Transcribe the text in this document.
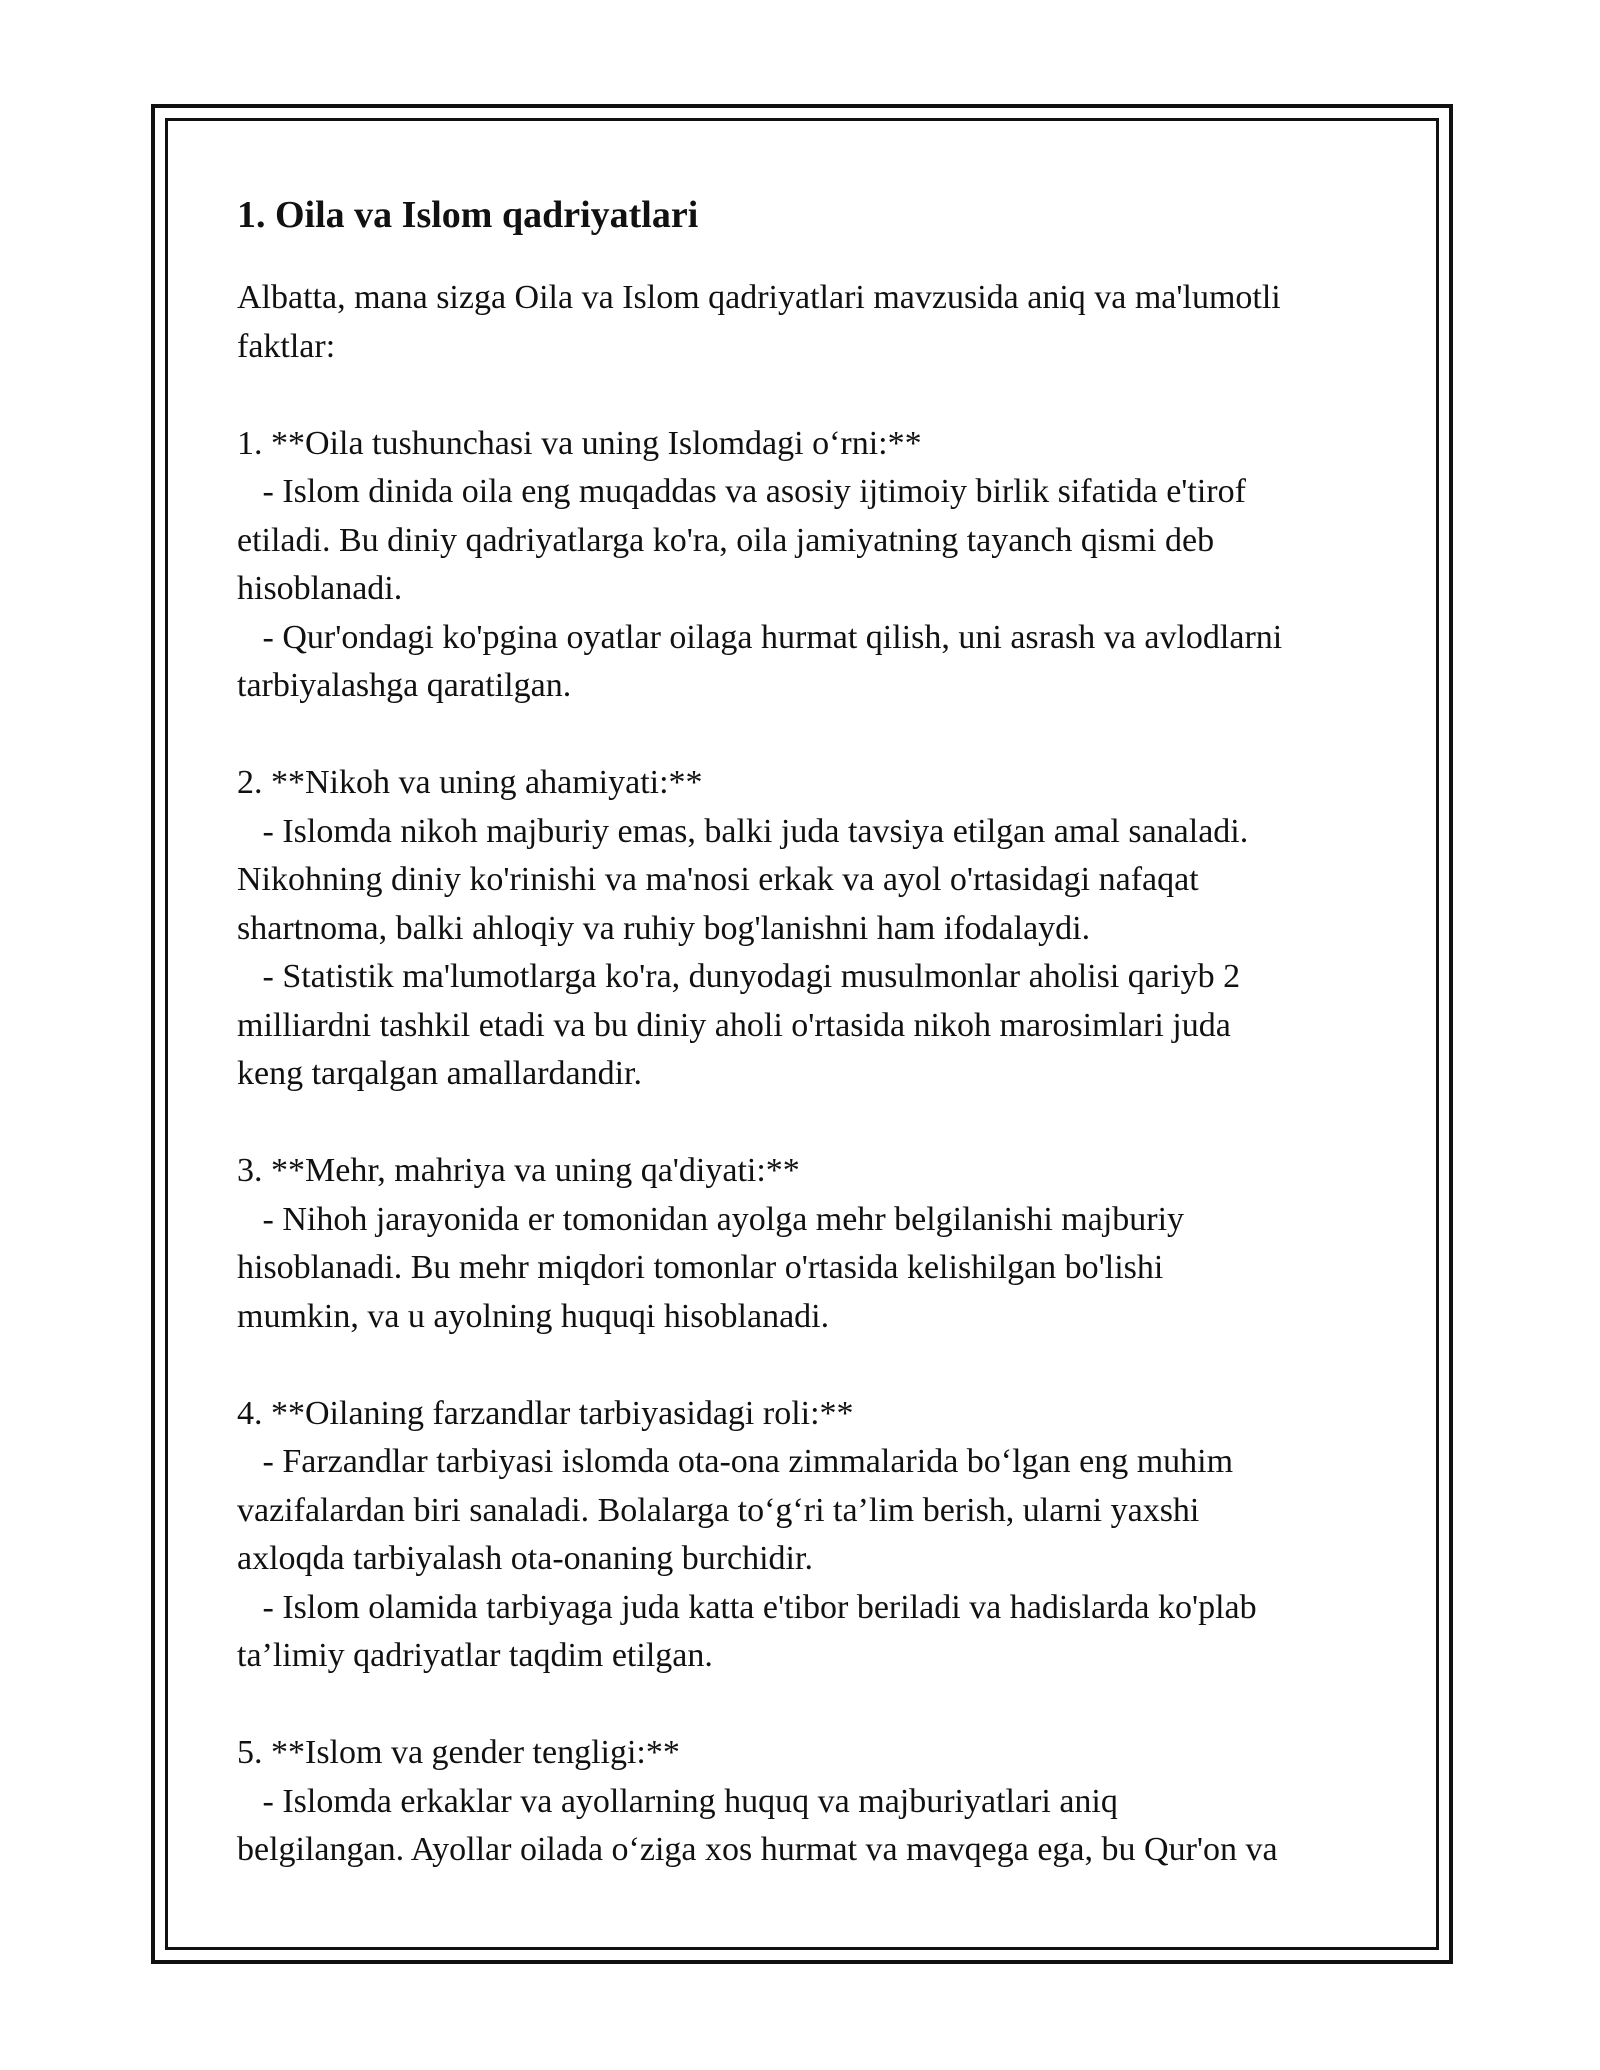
1. Oila va Islom qadriyatlari

Albatta, mana sizga Oila va Islom qadriyatlari mavzusida aniq va ma'lumotli
faktlar:

1. **Oila tushunchasi va uning Islomdagi o‘rni:**

- Islom dinida oila eng muqaddas va asosiy ijtimoiy birlik sifatida e'tirof
etiladi. Bu diniy qadriyatlarga ko'ra, oila jamiyatning tayanch qismi deb
hisoblanadi.

- Qur'ondagi ko'pgina oyatlar oilaga hurmat qilish, uni asrash va avlodlarni
tarbiyalashga qaratilgan.

2. **Nikoh va uning ahamiyati:**

- Islomda nikoh majburiy emas, balki juda tavsiya etilgan amal sanaladi.
Nikohning diniy ko'rinishi va ma'nosi erkak va ayol o'rtasidagi nafaqat
shartnoma, balki ahloqiy va ruhiy bog'lanishni ham ifodalaydi.

- Statistik ma'lumotlarga ko'ra, dunyodagi musulmonlar aholisi qariyb 2
milliardni tashkil etadi va bu diniy aholi o'rtasida nikoh marosimlari juda
keng tarqalgan amallardandir.

3. **Mehr, mahriya va uning qa'diyati:**

- Nihoh jarayonida er tomonidan ayolga mehr belgilanishi majburiy
hisoblanadi. Bu mehr miqdori tomonlar o'rtasida kelishilgan bo'lishi
mumkin, va u ayolning huquqi hisoblanadi.

4. **Oilaning farzandlar tarbiyasidagi roli:**

- Farzandlar tarbiyasi islomda ota-ona zimmalarida bo‘lgan eng muhim
vazifalardan biri sanaladi. Bolalarga to‘g‘ri ta’lim berish, ularni yaxshi
axloqda tarbiyalash ota-onaning burchidir.

- Islom olamida tarbiyaga juda katta e'tibor beriladi va hadislarda ko'plab
ta’limiy qadriyatlar taqdim etilgan.

5. **Islom va gender tengligi:**

- Islomda erkaklar va ayollarning huquq va majburiyatlari aniq
belgilangan. Ayollar oilada o‘ziga xos hurmat va mavqega ega, bu Qur'on va
